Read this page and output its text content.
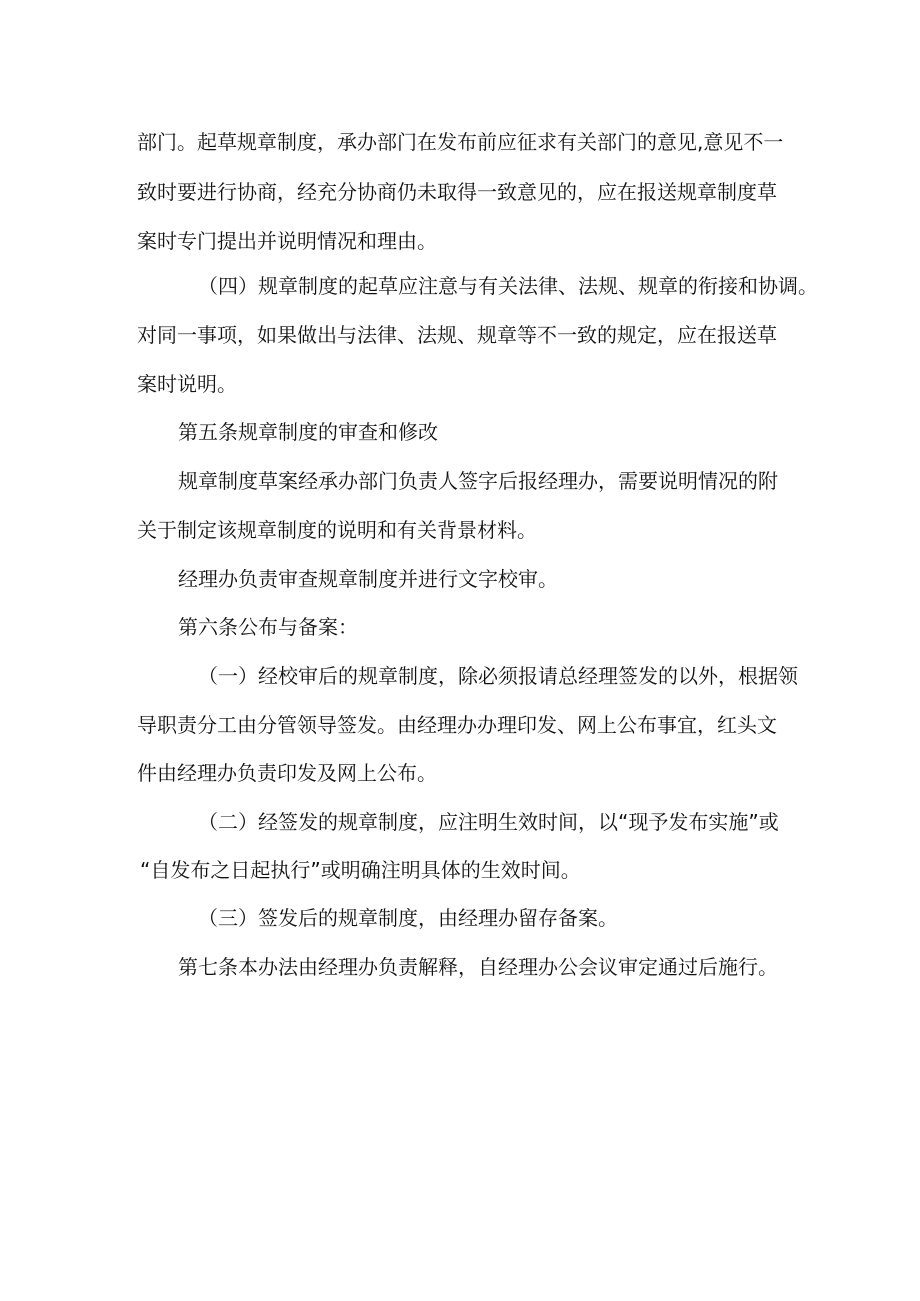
部门。起草规章制度，承办部门在发布前应征求有关部门的意见,意见不一
致时要进行协商，经充分协商仍未取得一致意见的，应在报送规章制度草
案时专门提出并说明情况和理由。
（四）规章制度的起草应注意与有关法律、法规、规章的衔接和协调。
对同一事项，如果做出与法律、法规、规章等不一致的规定，应在报送草
案时说明。
第五条规章制度的审查和修改
规章制度草案经承办部门负责人签字后报经理办，需要说明情况的附
关于制定该规章制度的说明和有关背景材料。
经理办负责审查规章制度并进行文字校审。
第六条公布与备案：
（一）经校审后的规章制度，除必须报请总经理签发的以外，根据领
导职责分工由分管领导签发。由经理办办理印发、网上公布事宜，红头文
件由经理办负责印发及网上公布。
（二）经签发的规章制度，应注明生效时间，以“现予发布实施”或
“自发布之日起执行”或明确注明具体的生效时间。
（三）签发后的规章制度，由经理办留存备案。
第七条本办法由经理办负责解释，自经理办公会议审定通过后施行。
